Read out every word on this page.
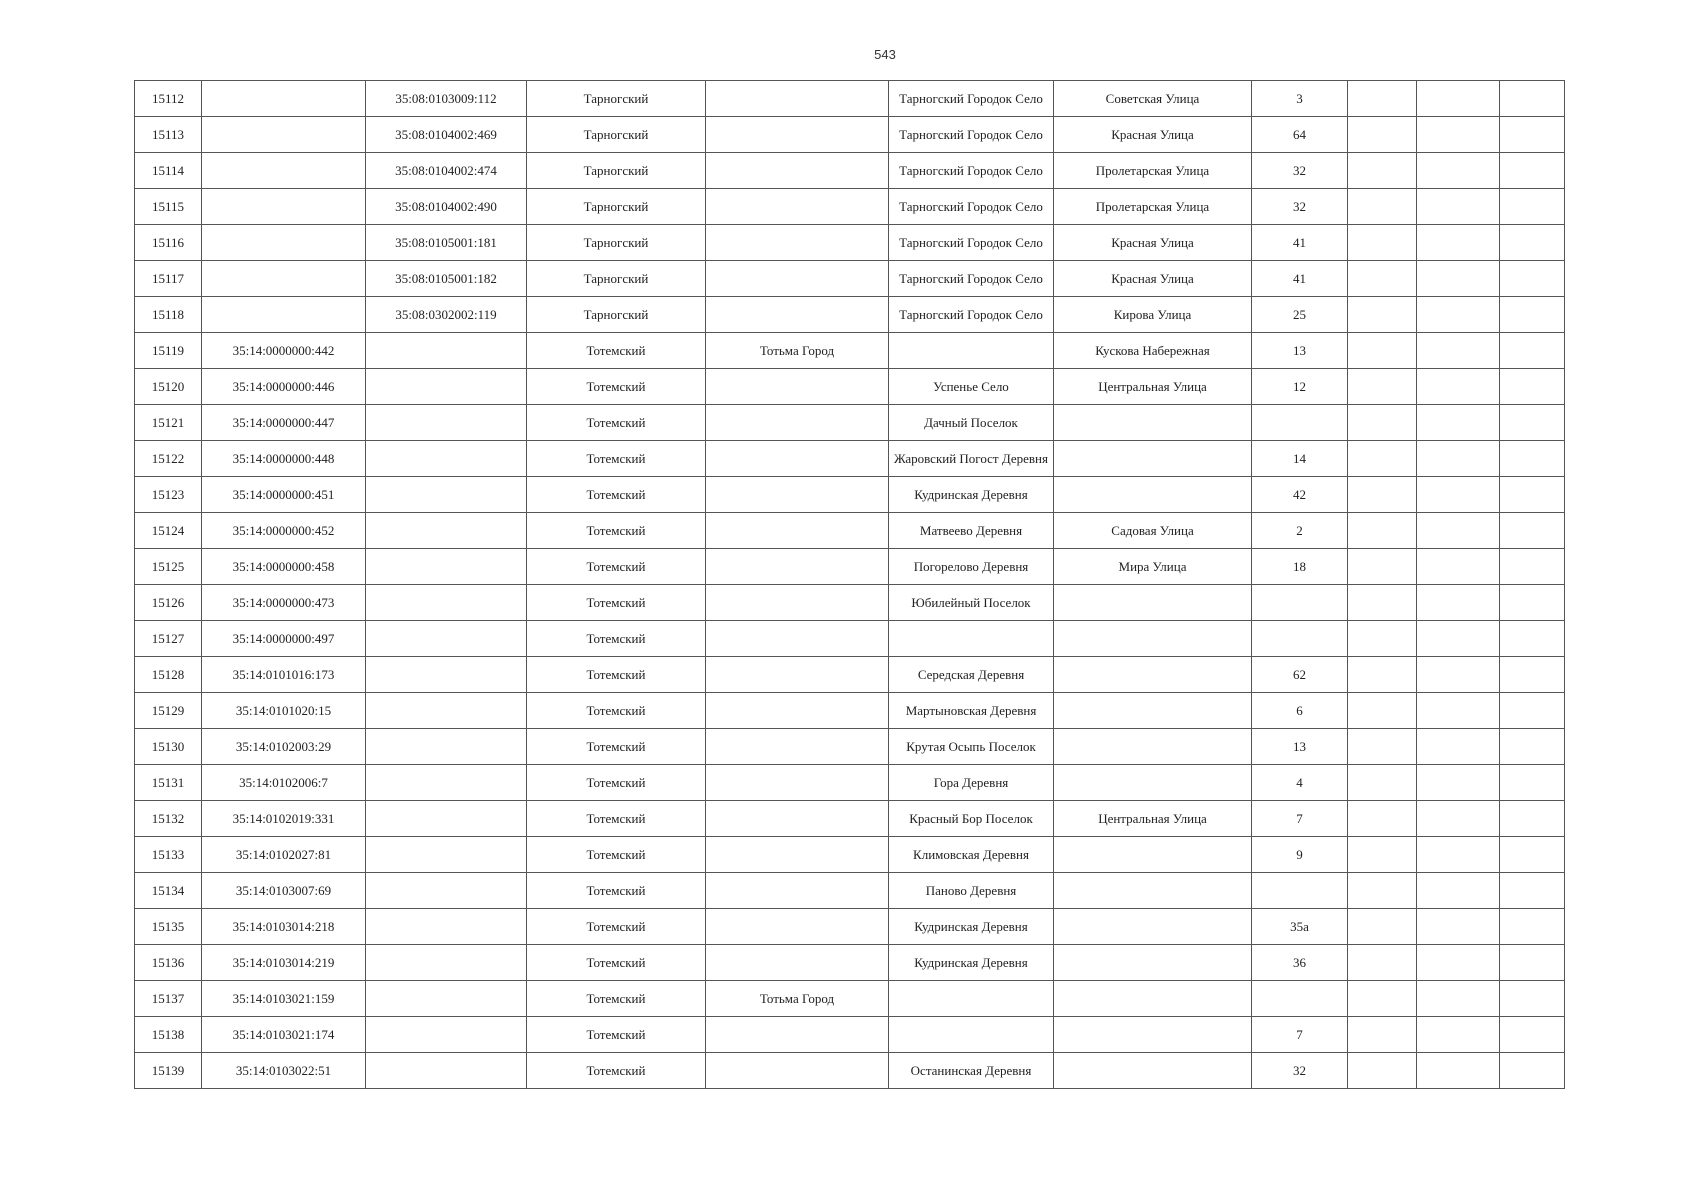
543
15112		35:08:0103009:112	Тарногский		Тарногский Городок Село	Советская Улица	3			
15113		35:08:0104002:469	Тарногский		Тарногский Городок Село	Красная Улица	64			
15114		35:08:0104002:474	Тарногский		Тарногский Городок Село	Пролетарская Улица	32			
15115		35:08:0104002:490	Тарногский		Тарногский Городок Село	Пролетарская Улица	32			
15116		35:08:0105001:181	Тарногский		Тарногский Городок Село	Красная Улица	41			
15117		35:08:0105001:182	Тарногский		Тарногский Городок Село	Красная Улица	41			
15118		35:08:0302002:119	Тарногский		Тарногский Городок Село	Кирова Улица	25			
15119	35:14:0000000:442		Тотемский	Тотьма Город		Кускова Набережная	13			
15120	35:14:0000000:446		Тотемский		Успенье Село	Центральная Улица	12			
15121	35:14:0000000:447		Тотемский		Дачный Поселок					
15122	35:14:0000000:448		Тотемский		Жаровский Погост Деревня		14			
15123	35:14:0000000:451		Тотемский		Кудринская Деревня		42			
15124	35:14:0000000:452		Тотемский		Матвеево Деревня	Садовая Улица	2			
15125	35:14:0000000:458		Тотемский		Погорелово Деревня	Мира Улица	18			
15126	35:14:0000000:473		Тотемский		Юбилейный Поселок					
15127	35:14:0000000:497		Тотемский							
15128	35:14:0101016:173		Тотемский		Середская Деревня		62			
15129	35:14:0101020:15		Тотемский		Мартыновская Деревня		6			
15130	35:14:0102003:29		Тотемский		Крутая Осыпь Поселок		13			
15131	35:14:0102006:7		Тотемский		Гора Деревня		4			
15132	35:14:0102019:331		Тотемский		Красный Бор Поселок	Центральная Улица	7			
15133	35:14:0102027:81		Тотемский		Климовская Деревня		9			
15134	35:14:0103007:69		Тотемский		Паново Деревня					
15135	35:14:0103014:218		Тотемский		Кудринская Деревня		35а			
15136	35:14:0103014:219		Тотемский		Кудринская Деревня		36			
15137	35:14:0103021:159		Тотемский	Тотьма Город						
15138	35:14:0103021:174		Тотемский				7			
15139	35:14:0103022:51		Тотемский		Останинская Деревня		32			
